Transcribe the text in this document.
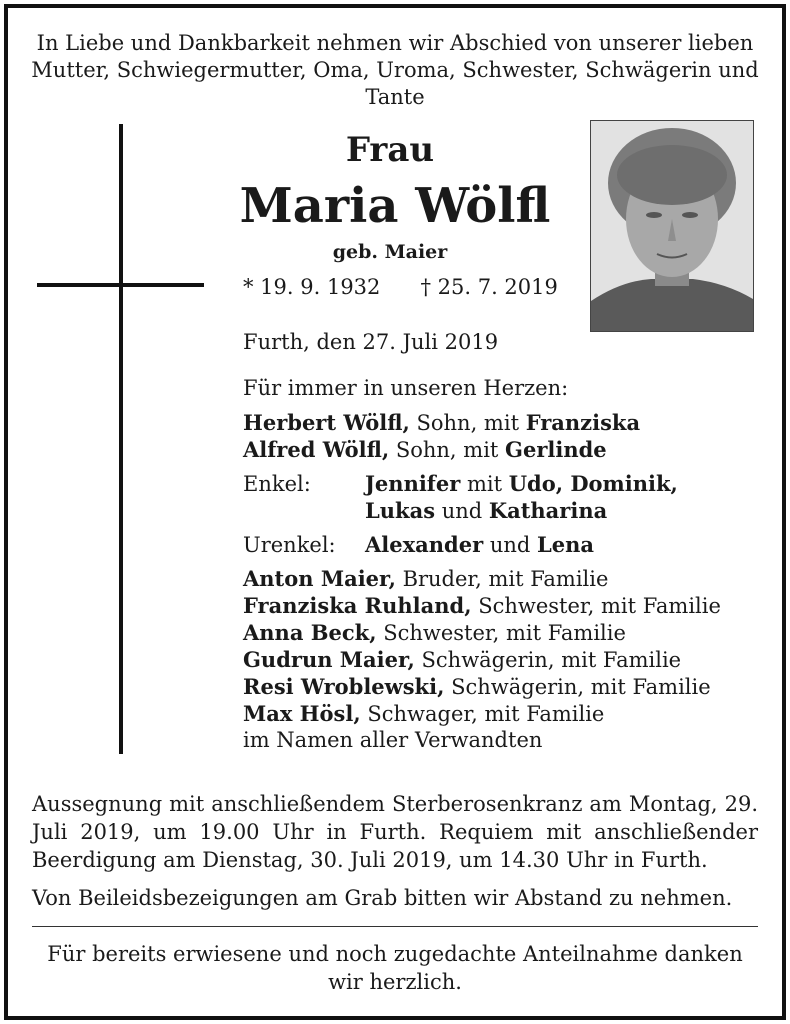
In Liebe und Dankbarkeit nehmen wir Abschied von unserer lieben Mutter, Schwiegermutter, Oma, Uroma, Schwester, Schwägerin und Tante
Frau
Maria Wölfl
geb. Maier
* 19. 9. 1932 † 25. 7. 2019
Furth, den 27. Juli 2019
Für immer in unseren Herzen:
Herbert Wölfl, Sohn, mit Franziska
Alfred Wölfl, Sohn, mit Gerlinde
Enkel:	Jennifer mit Udo, Dominik,
Lukas und Katharina
Urenkel: Alexander und Lena
Anton Maier, Bruder, mit Familie
Franziska Ruhland, Schwester, mit Familie
Anna Beck, Schwester, mit Familie
Gudrun Maier, Schwägerin, mit Familie
Resi Wroblewski, Schwägerin, mit Familie
Max Hösl, Schwager, mit Familie
im Namen aller Verwandten
Aussegnung mit anschließendem Sterberosenkranz am Montag, 29. Juli 2019, um 19.00 Uhr in Furth. Requiem mit anschließender Beerdigung am Dienstag, 30. Juli 2019, um 14.30 Uhr in Furth.
Von Beileidsbezeigungen am Grab bitten wir Abstand zu nehmen.
Für bereits erwiesene und noch zugedachte Anteilnahme danken wir herzlich.
